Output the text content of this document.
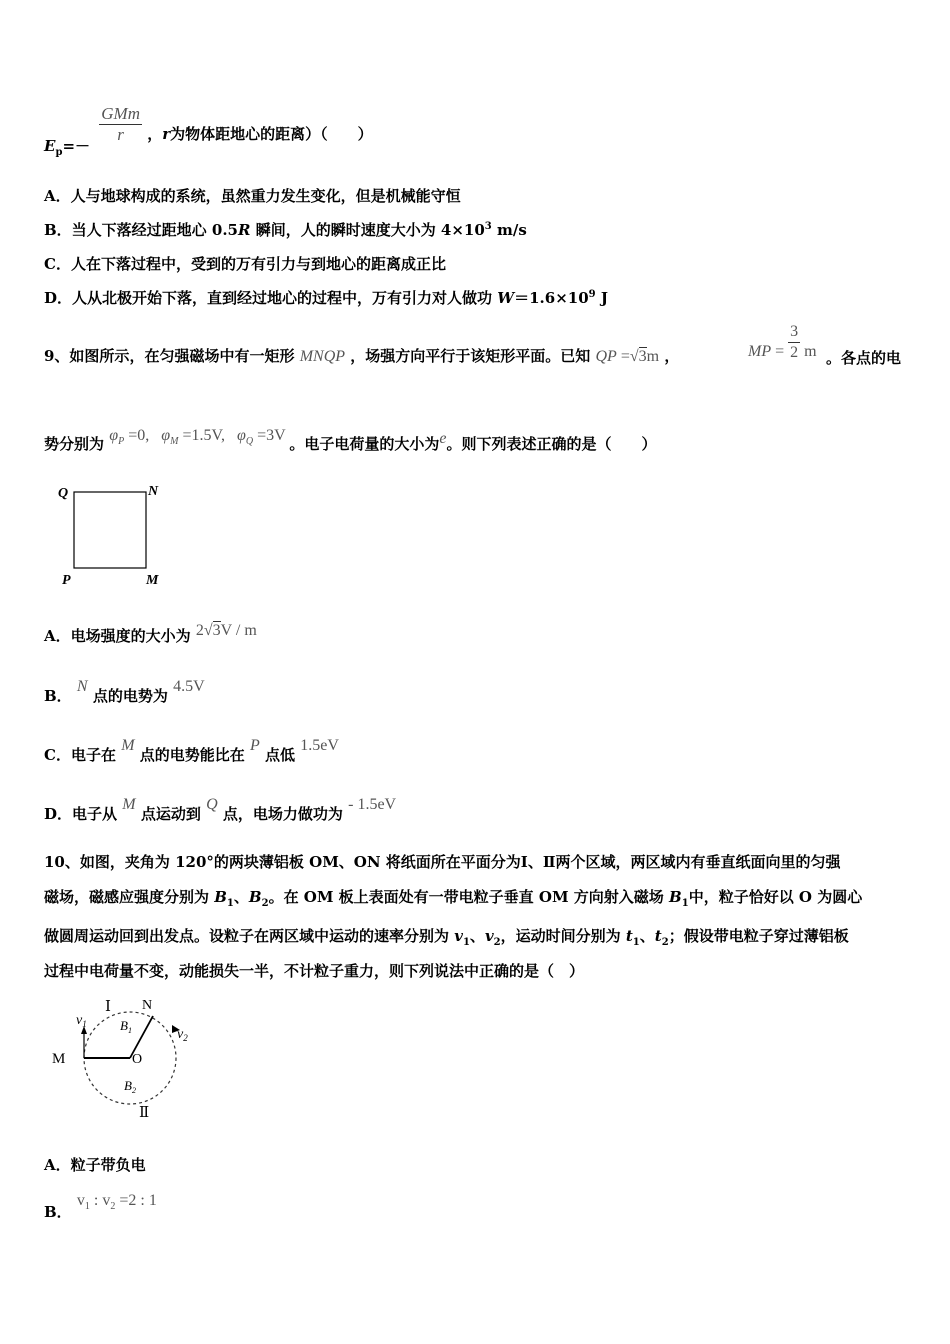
$E_p=-$
$\frac{\text{GMm}}{r}$ ，r为物体距地心的距离）（　　）
A．人与地球构成的系统，虽然重力发生变化，但是机械能守恒
B．当人下落经过距地心 0.5R 瞬间，人的瞬时速度大小为 $4\times 10^3$ m/s
C．人在下落过程中，受到的万有引力与到地心的距离成正比
D．人从北极开始下落，直到经过地心的过程中，万有引力对人做功 $W=1.6\times 10^9$ J
9、如图所示，在匀强磁场中有一矩形 MNQP ，场强方向平行于该矩形平面。已知 QP =√3m ，	MP = $\frac{3}{2}$ m 。各点的电
势分别为 $\varphi_P =0$, $\varphi_M =1.5V$, $\varphi_Q =3V$ 。电子电荷量的大小为e。则下列表述正确的是（　　）
Q	N
P	M
A．电场强度的大小为 2√3V / m
B． N 点的电势为 4.5V
C．电子在 M 点的电势能比在 P 点低 1.5eV
D．电子从 M 点运动到 Q 点，电场力做功为 - 1.5eV
10、如图，夹角为 120°的两块薄铝板 OM、ON 将纸面所在平面分为Ⅰ、Ⅱ两个区域，两区域内有垂直纸面向里的匀强
磁场，磁感应强度分别为 $B_1$、$B_2$。在 OM 板上表面处有一带电粒子垂直 OM 方向射入磁场 $B_1$中，粒子恰好以 O 为圆心
做圆周运动回到出发点。设粒子在两区域中运动的速率分别为 $v_1$、$v_2$，运动时间分别为 $t_1$、$t_2$；假设带电粒子穿过薄铝板
过程中电荷量不变，动能损失一半，不计粒子重力，则下列说法中正确的是（　）
Ⅰ N
$v_1$	$B_1$	$v_2$
M	O
$B_2$
Ⅱ
A．粒子带负电
B． $v_1$ : $v_2 =2$ : 1
